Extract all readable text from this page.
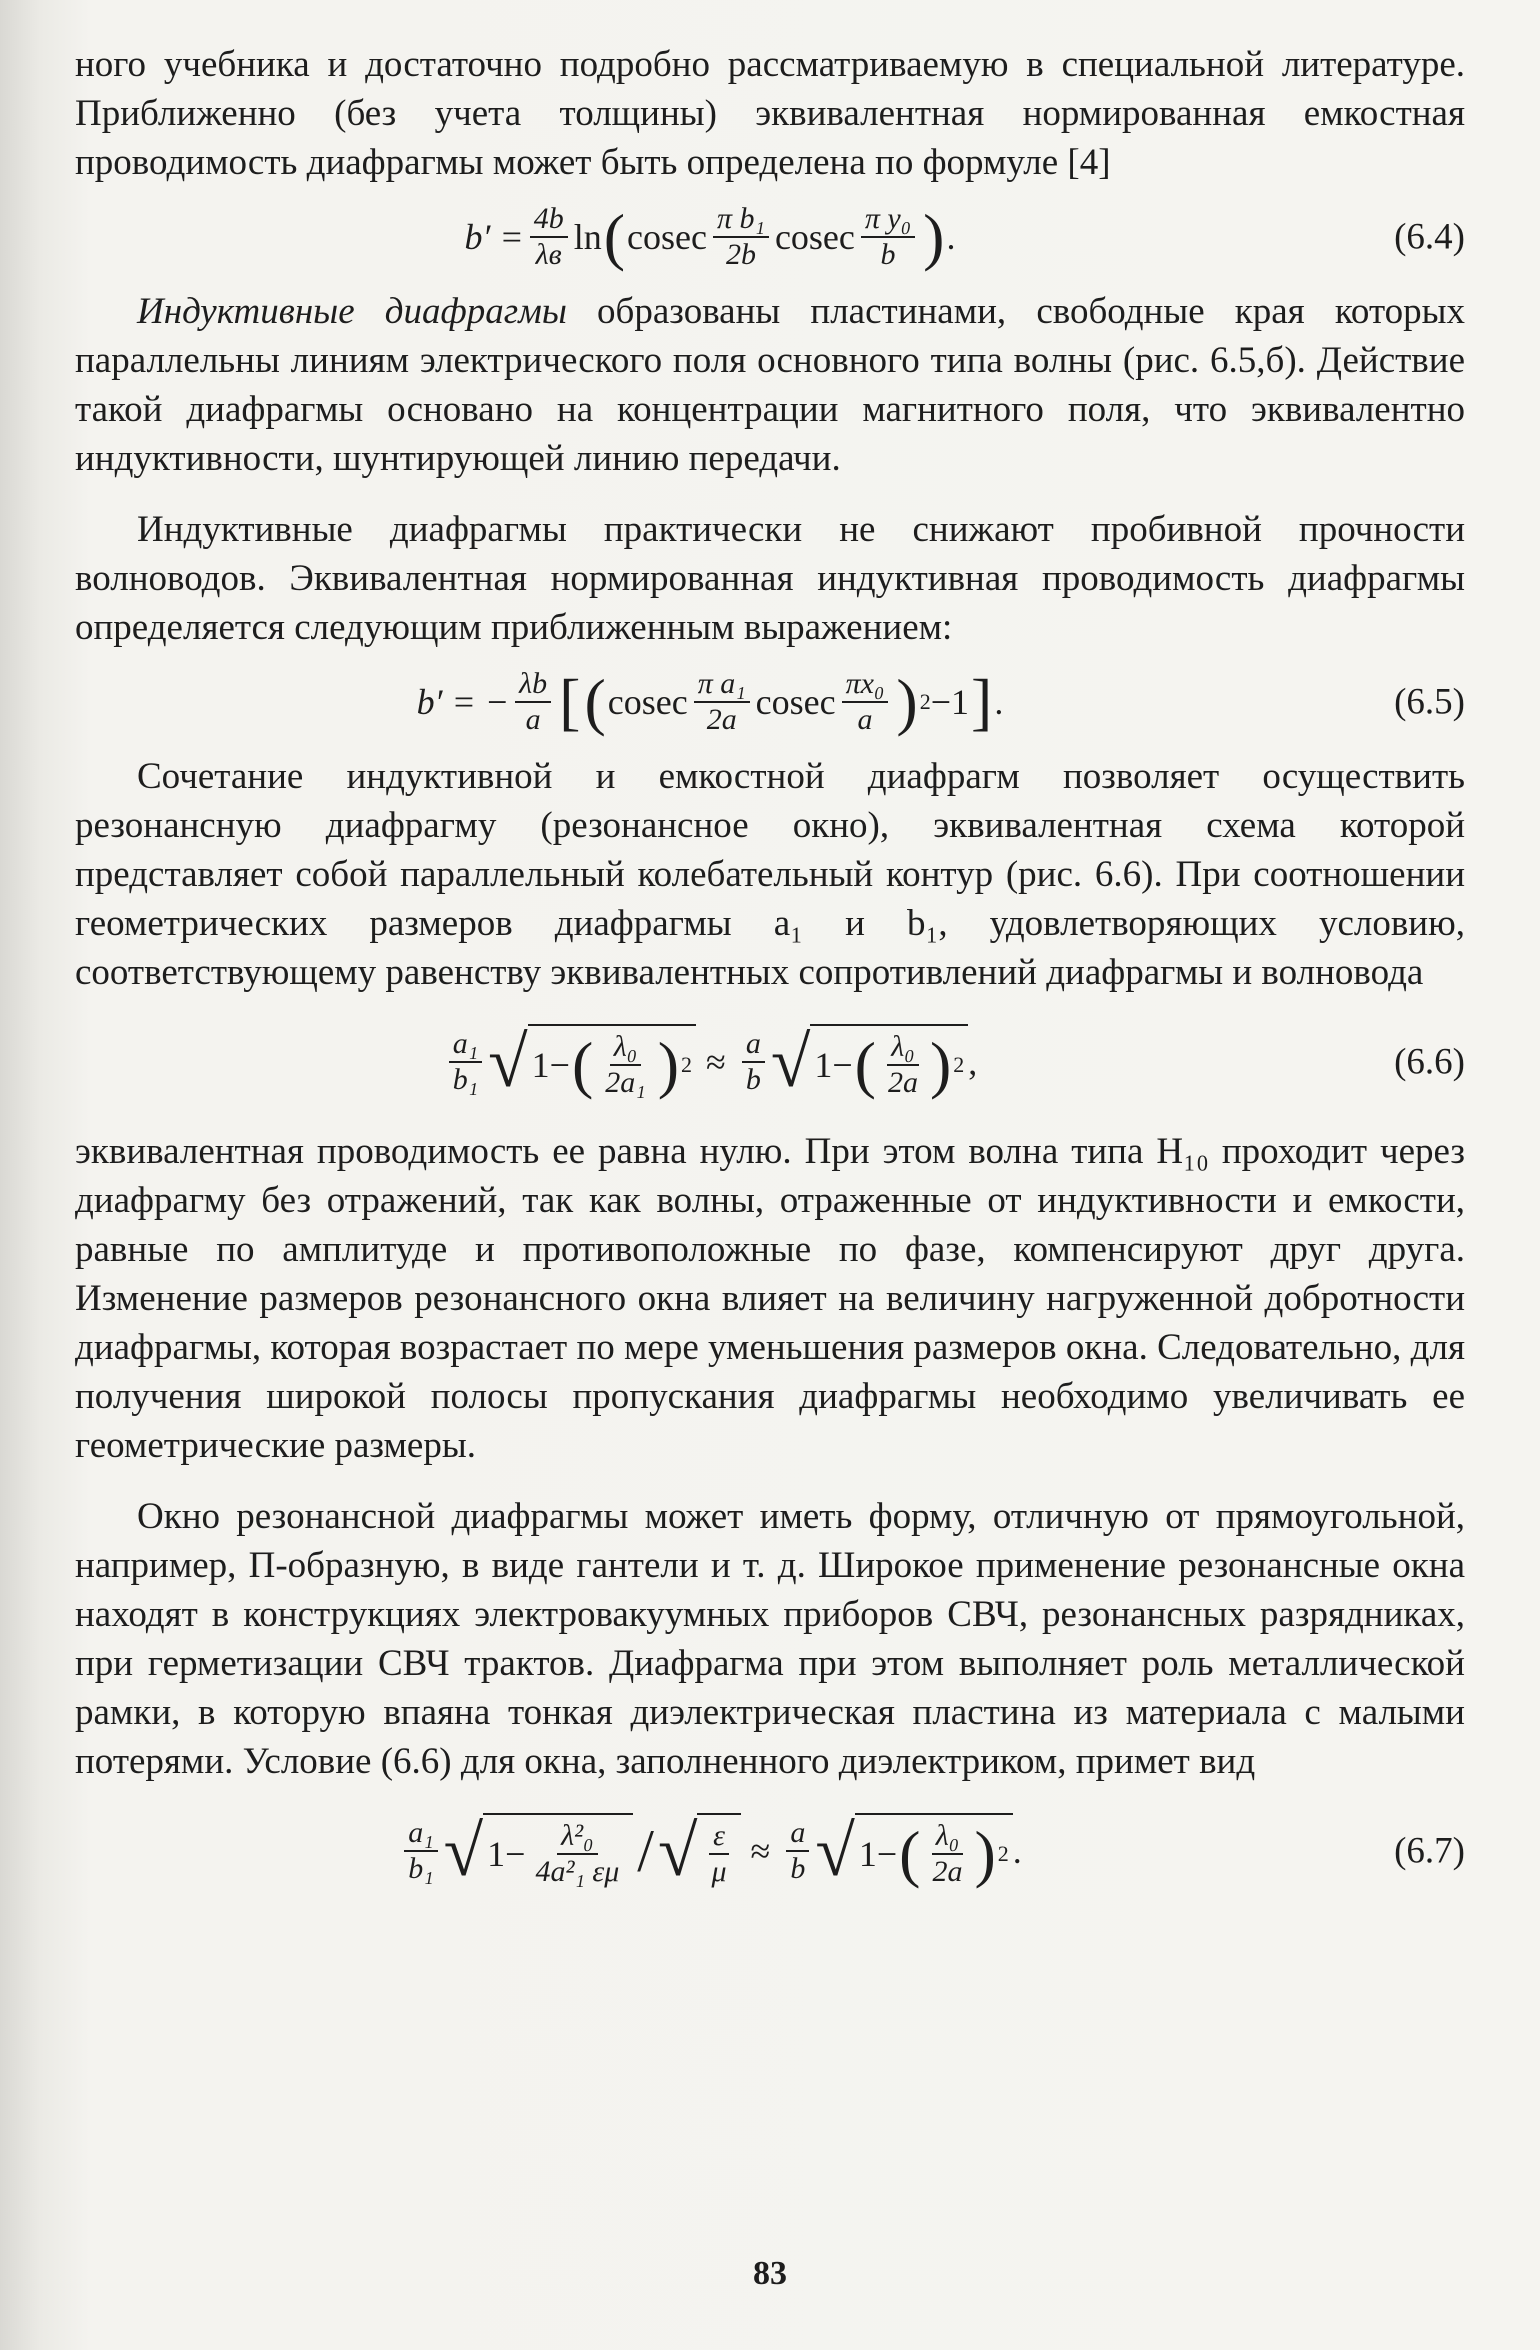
ного учебника и достаточно подробно рассматриваемую в специальной литературе. Приближенно (без учета толщины) эквивалентная нормированная емкостная проводимость диафрагмы может быть определена по формуле [4]

$b' = \frac{4b}{\lambda в}$ ln ( cosec $\frac{\text{π b₁}}{2b}$ cosec $\frac{\text{π y₀}}{b}$ ) .	(6.4)

Индуктивные диафрагмы образованы пластинами, свободные края которых параллельны линиям электрического поля основного типа волны (рис. 6.5,б). Действие такой диафрагмы основано на концентрации магнитного поля, что эквивалентно индуктивности, шунтирующей линию передачи.

Индуктивные диафрагмы практически не снижают пробивной прочности волноводов. Эквивалентная нормированная индуктивная проводимость диафрагмы определяется следующим приближенным выражением:

b′ = − $\frac{\lambda b}{a}$ [ ( cosec $\frac{\text{π a₁}}{2a}$ cosec $\frac{\text{πx₀}}{a}$ ) 2 −1 ] .	(6.5)

Сочетание индуктивной и емкостной диафрагм позволяет осуществить резонансную диафрагму (резонансное окно), эквивалентная схема которой представляет собой параллельный колебательный контур (рис. 6.6). При соотношении геометрических размеров диафрагмы a₁ и b₁, удовлетворяющих условию, соответствующему равенству эквивалентных сопротивлений диафрагмы и волновода

$\frac{\text{a₁}}{\text{b₁}}$ √ 1− ( $\frac{\text{λ₀}}{\text{2a₁}}$ ) $2 \approx \frac{a}{b}$ √ 1− ( $\frac{\text{λ₀}}{2a}$ ) 2 ,	(6.6)

эквивалентная проводимость ее равна нулю. При этом волна типа H₁₀ проходит через диафрагму без отражений, так как волны, отраженные от индуктивности и емкости, равные по амплитуде и противоположные по фазе, компенсируют друг друга. Изменение размеров резонансного окна влияет на величину нагруженной добротности диафрагмы, которая возрастает по мере уменьшения размеров окна. Следовательно, для получения широкой полосы пропускания диафрагмы необходимо увеличивать ее геометрические размеры.

Окно резонансной диафрагмы может иметь форму, отличную от прямоугольной, например, П-образную, в виде гантели и т. д. Широкое применение резонансные окна находят в конструкциях электровакуумных приборов СВЧ, резонансных разрядниках, при герметизации СВЧ трактов. Диафрагма при этом выполняет роль металлической рамки, в которую впаяна тонкая диэлектрическая пластина из материала с малыми потерями. Условие (6.6) для окна, заполненного диэлектриком, примет вид

$\frac{\text{a₁}}{\text{b₁}}$ √ $1- \frac{\text{λ²₀}}{\text{4a²₁ εμ}}$ / √ $\frac{\varepsilon}{\mu} \approx \frac{a}{b}$ √ 1− ( $\frac{\text{λ₀}}{2a}$ ) 2 .	(6.7)
83
